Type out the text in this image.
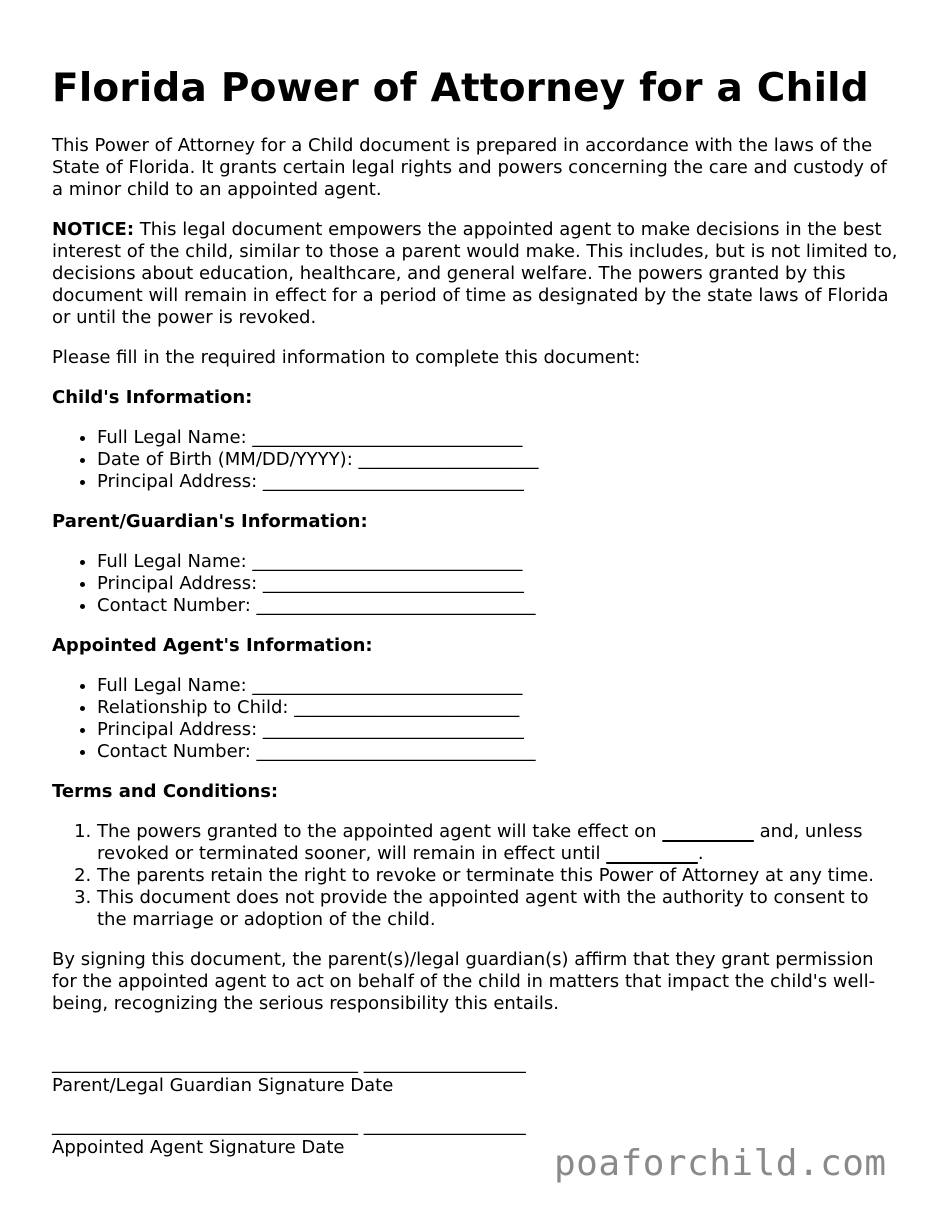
Florida Power of Attorney for a Child

This Power of Attorney for a Child document is prepared in accordance with the laws of the State of Florida. It grants certain legal rights and powers concerning the care and custody of a minor child to an appointed agent.

NOTICE: This legal document empowers the appointed agent to make decisions in the best interest of the child, similar to those a parent would make. This includes, but is not limited to, decisions about education, healthcare, and general welfare. The powers granted by this document will remain in effect for a period of time as designated by the state laws of Florida or until the power is revoked.

Please fill in the required information to complete this document:

Child's Information:
• Full Legal Name: ______________________________
• Date of Birth (MM/DD/YYYY): ____________________
• Principal Address: _____________________________
Parent/Guardian's Information:
• Full Legal Name: ______________________________
• Principal Address: _____________________________
• Contact Number: _______________________________
Appointed Agent's Information:
• Full Legal Name: ______________________________
• Relationship to Child: _________________________
• Principal Address: _____________________________
• Contact Number: _______________________________
Terms and Conditions:
1. The powers granted to the appointed agent will take effect on	and, unless revoked or terminated sooner, will remain in effect until	.
2. The parents retain the right to revoke or terminate this Power of Attorney at any time.
3. This document does not provide the appointed agent with the authority to consent to the marriage or adoption of the child.

By signing this document, the parent(s)/legal guardian(s) affirm that they grant permission for the appointed agent to act on behalf of the child in matters that impact the child's well-being, recognizing the serious responsibility this entails.

__________________________________ __________________
Parent/Legal Guardian Signature Date
__________________________________ __________________
Appointed Agent Signature Date	poaforchild.com
